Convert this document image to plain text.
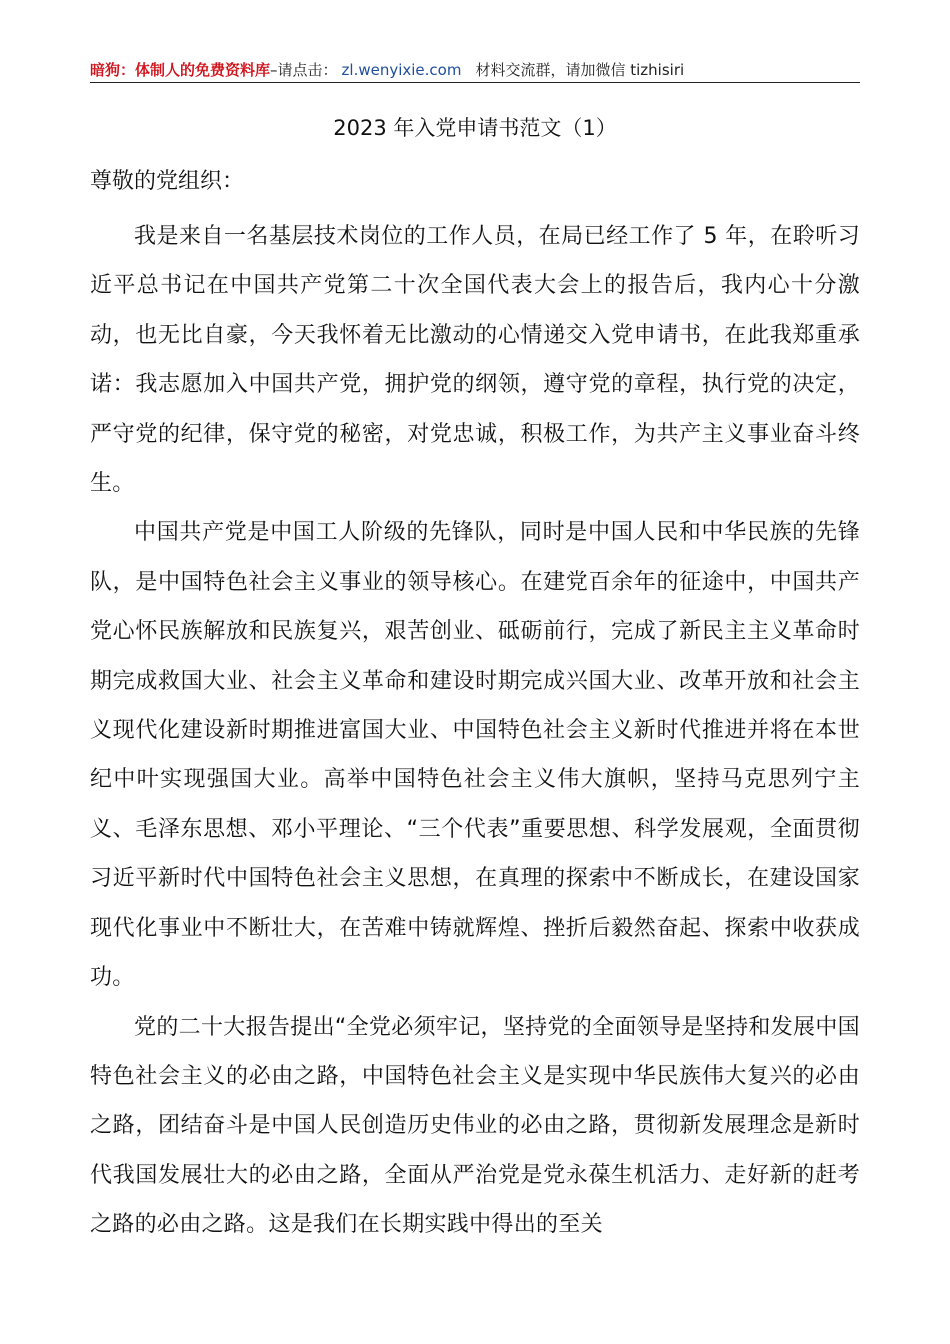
暗狗：体制人的免费资料库–请点击： zl.wenyixie.com 材料交流群，请加微信 tizhisiri
2023 年入党申请书范文（1）
尊敬的党组织：

我是来自一名基层技术岗位的工作人员，在局已经工作了 5 年，在聆听习近平总书记在中国共产党第二十次全国代表大会上的报告后，我内心十分激动，也无比自豪，今天我怀着无比激动的心情递交入党申请书，在此我郑重承诺：我志愿加入中国共产党，拥护党的纲领，遵守党的章程，执行党的决定，严守党的纪律，保守党的秘密，对党忠诚，积极工作，为共产主义事业奋斗终生。

中国共产党是中国工人阶级的先锋队，同时是中国人民和中华民族的先锋队，是中国特色社会主义事业的领导核心。在建党百余年的征途中，中国共产党心怀民族解放和民族复兴，艰苦创业、砥砺前行，完成了新民主主义革命时期完成救国大业、社会主义革命和建设时期完成兴国大业、改革开放和社会主义现代化建设新时期推进富国大业、中国特色社会主义新时代推进并将在本世纪中叶实现强国大业。高举中国特色社会主义伟大旗帜，坚持马克思列宁主义、毛泽东思想、邓小平理论、“三个代表”重要思想、科学发展观，全面贯彻习近平新时代中国特色社会主义思想，在真理的探索中不断成长，在建设国家现代化事业中不断壮大，在苦难中铸就辉煌、挫折后毅然奋起、探索中收获成功。

党的二十大报告提出“全党必须牢记，坚持党的全面领导是坚持和发展中国特色社会主义的必由之路，中国特色社会主义是实现中华民族伟大复兴的必由之路，团结奋斗是中国人民创造历史伟业的必由之路，贯彻新发展理念是新时代我国发展壮大的必由之路，全面从严治党是党永葆生机活力、走好新的赶考之路的必由之路。这是我们在长期实践中得出的至关
